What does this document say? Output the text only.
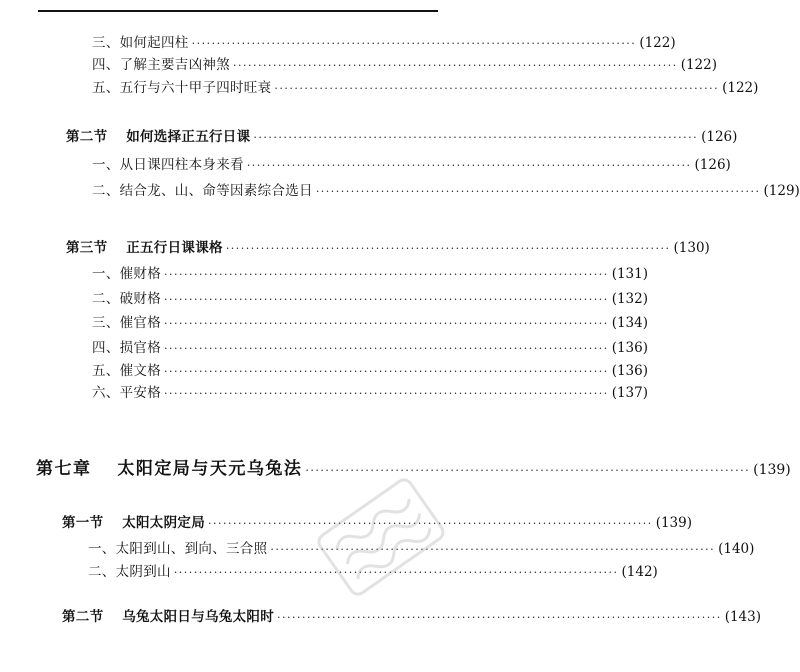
三、如何起四柱 ························································································· (122)
四、了解主要吉凶神煞 ························································································· (122)
五、五行与六十甲子四时旺衰 ························································································· (122)
第二节　 如何选择正五行日课 ························································································· (126)
一、从日课四柱本身来看 ························································································· (126)
二、结合龙、山、命等因素综合选日 ························································································· (129)
第三节　 正五行日课课格 ························································································· (130)
一、催财格 ························································································· (131)
二、破财格 ························································································· (132)
三、催官格 ························································································· (134)
四、损官格 ························································································· (136)
五、催文格 ························································································· (136)
六、平安格 ························································································· (137)
第七章　 太阳定局与天元乌兔法 ························································································· (139)
第一节　 太阳太阴定局 ························································································· (139)
一、太阳到山、到向、三合照 ························································································· (140)
二、太阴到山 ························································································· (142)
第二节　 乌兔太阳日与乌兔太阳时 ························································································· (143)
